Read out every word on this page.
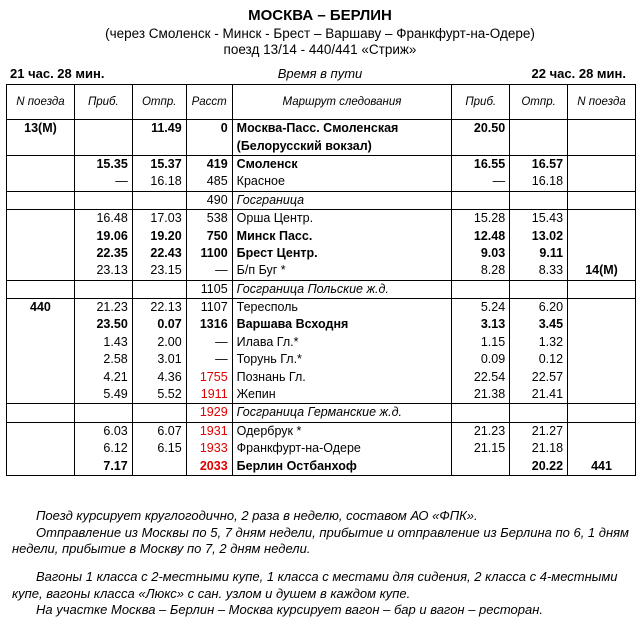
МОСКВА – БЕРЛИН
(через Смоленск - Минск - Брест – Варшаву – Франкфурт-на-Одере)
поезд 13/14 - 440/441 «Стриж»
21 час. 28 мин.	Время в пути	22 час. 28 мин.
N поезда	Приб.	Отпр.	Расст	Маршрут следования	Приб.	Отпр.	N поезда
13(М)		11.49	0	Москва-Пасс. Смоленская	20.50		
				(Белорусский вокзал)			
	15.35	15.37	419	Смоленск	16.55	16.57	
	—	16.18	485	Красное	—	16.18	
			490	Госграница			
	16.48	17.03	538	Орша Центр.	15.28	15.43	
	19.06	19.20	750	Минск Пасс.	12.48	13.02	
	22.35	22.43	1100	Брест Центр.	9.03	9.11	
	23.13	23.15	—	Б/п Буг *	8.28	8.33	14(М)
			1105	Госграница Польские ж.д.			
440	21.23	22.13	1107	Тересполь	5.24	6.20	
	23.50	0.07	1316	Варшава Всходня	3.13	3.45	
	1.43	2.00	—	Илава Гл.*	1.15	1.32	
	2.58	3.01	—	Торунь Гл.*	0.09	0.12	
	4.21	4.36	1755	Познань Гл.	22.54	22.57	
	5.49	5.52	1911	Жепин	21.38	21.41	
			1929	Госграница Германские ж.д.			
	6.03	6.07	1931	Одербрук *	21.23	21.27	
	6.12	6.15	1933	Франкфурт-на-Одере	21.15	21.18	
	7.17		2033	Берлин Остбанхоф		20.22	441

Поезд курсирует круглогодично, 2 раза в неделю, составом АО «ФПК».

Отправление из Москвы по 5, 7 дням недели, прибытие и отправление из Берлина по 6, 1 дням недели, прибытие в Москву по 7, 2 дням недели.

Вагоны 1 класса с 2-местными купе, 1 класса с местами для сидения, 2 класса с 4-местными купе, вагоны класса «Люкс» с сан. узлом и душем в каждом купе.

На участке Москва – Берлин – Москва курсирует вагон – бар и вагон – ресторан.
